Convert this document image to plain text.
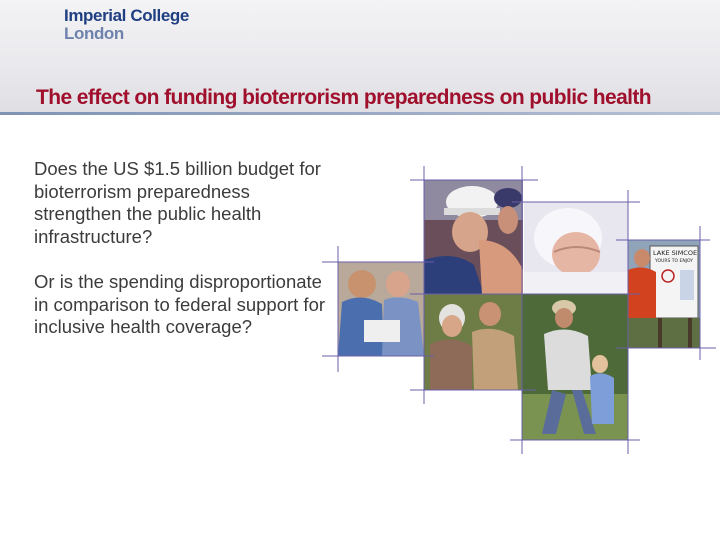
Imperial College
London
The effect on funding bioterrorism preparedness on public health

Does the US $1.5 billion budget for bioterrorism preparedness strengthen the public health infrastructure?

Or is the spending disproportionate in comparison to federal support for inclusive health coverage?

LAKE SIMCOE
YOURS TO ENJOY
